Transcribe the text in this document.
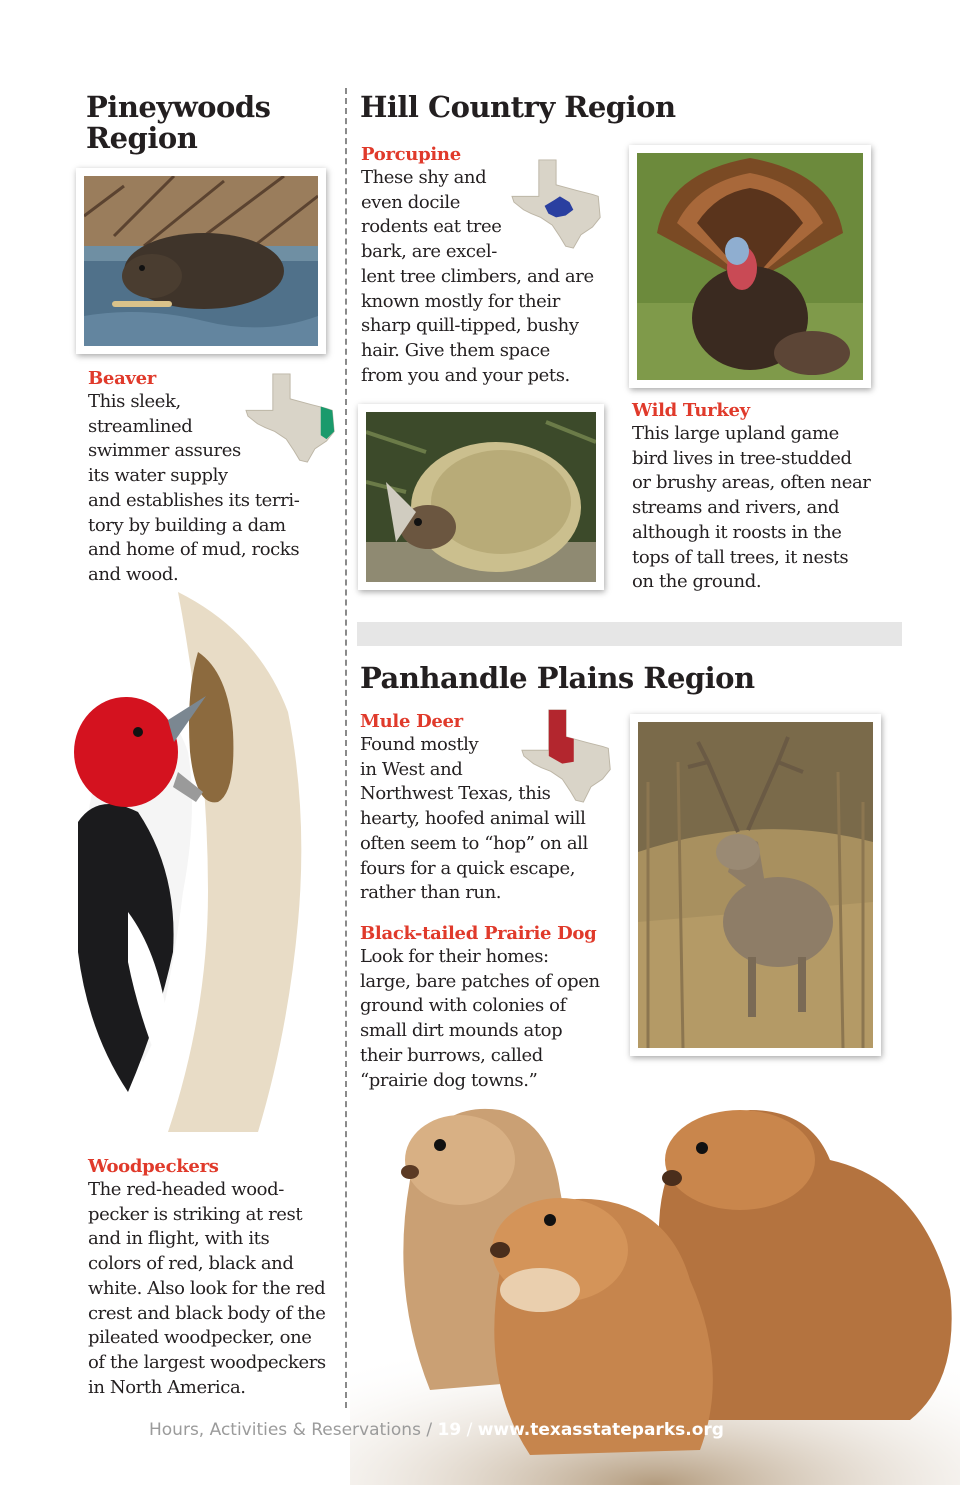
Pineywoods
Region
Beaver

This sleek,
streamlined
swimmer assures
its water supply
and establishes its terri-
tory by building a dam
and home of mud, rocks
and wood.

Woodpeckers

The red-headed wood-
pecker is striking at rest
and in flight, with its
colors of red, black and
white. Also look for the red
crest and black body of the
pileated woodpecker, one
of the largest woodpeckers
in North America.

Hill Country Region
Porcupine

These shy and
even docile
rodents eat tree
bark, are excel-
lent tree climbers, and are
known mostly for their
sharp quill-tipped, bushy
hair. Give them space
from you and your pets.

Wild Turkey

This large upland game
bird lives in tree-studded
or brushy areas, often near
streams and rivers, and
although it roosts in the
tops of tall trees, it nests
on the ground.

Panhandle Plains Region
Mule Deer

Found mostly
in West and
Northwest Texas, this
hearty, hoofed animal will
often seem to “hop” on all
fours for a quick escape,
rather than run.

Black-tailed Prairie Dog

Look for their homes:
large, bare patches of open
ground with colonies of
small dirt mounds atop
their burrows, called
“prairie dog towns.”

Hours, Activities & Reservations / 19 / www.texasstateparks.org
